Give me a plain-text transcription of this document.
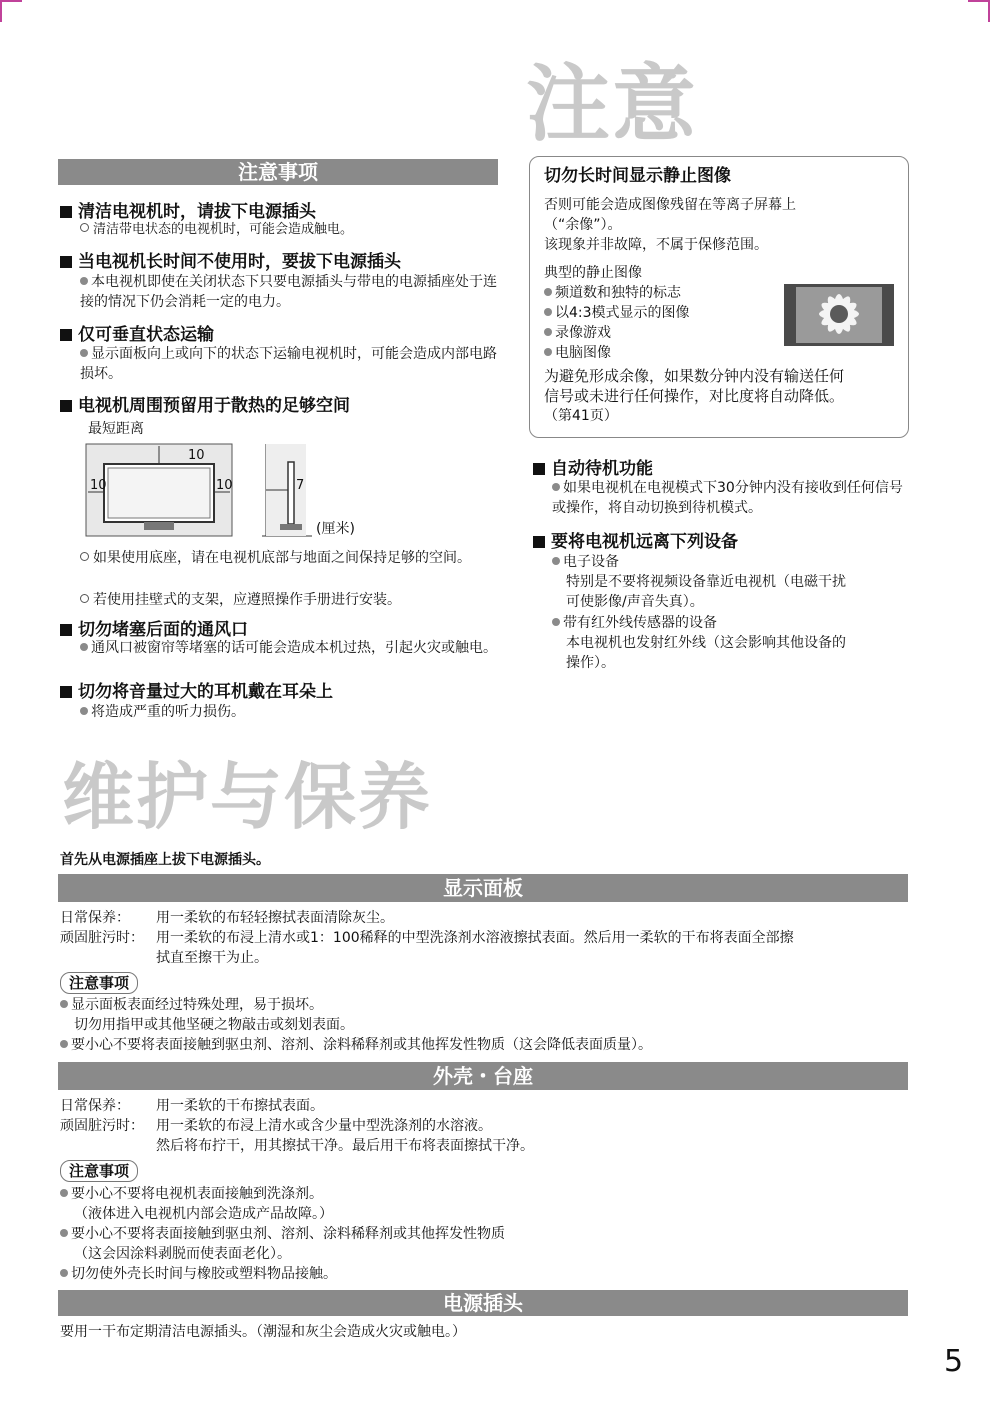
注意
注意事项
清洁电视机时，请拔下电源插头
清洁带电状态的电视机时，可能会造成触电。
当电视机长时间不使用时，要拔下电源插头
本电视机即使在关闭状态下只要电源插头与带电的电源插座处于连接的情况下仍会消耗一定的电力。
仅可垂直状态运输
显示面板向上或向下的状态下运输电视机时，可能会造成内部电路损坏。
电视机周围预留用于散热的足够空间
最短距离
10
10	10	7
(厘米)
如果使用底座，请在电视机底部与地面之间保持足够的空间。
若使用挂壁式的支架，应遵照操作手册进行安装。
切勿堵塞后面的通风口
通风口被窗帘等堵塞的话可能会造成本机过热，引起火灾或触电。
切勿将音量过大的耳机戴在耳朵上
将造成严重的听力损伤。
切勿长时间显示静止图像
否则可能会造成图像残留在等离子屏幕上
（“余像”）。
该现象并非故障，不属于保修范围。
典型的静止图像
频道数和独特的标志
以4:3模式显示的图像
录像游戏
电脑图像
为避免形成余像，如果数分钟内没有输送任何
信号或未进行任何操作，对比度将自动降低。
（第41页）
自动待机功能
如果电视机在电视模式下30分钟内没有接收到任何信号或操作，将自动切换到待机模式。
要将电视机远离下列设备
电子设备
特别是不要将视频设备靠近电视机（电磁干扰
可使影像/声音失真）。
带有红外线传感器的设备
本电视机也发射红外线（这会影响其他设备的
操作）。
维护与保养
首先从电源插座上拔下电源插头。
显示面板
日常保养： 用一柔软的布轻轻擦拭表面清除灰尘。
顽固脏污时： 用一柔软的布浸上清水或1：100稀释的中型洗涤剂水溶液擦拭表面。然后用一柔软的干布将表面全部擦
拭直至擦干为止。
注意事项
显示面板表面经过特殊处理，易于损坏。
切勿用指甲或其他坚硬之物敲击或刻划表面。
要小心不要将表面接触到驱虫剂、溶剂、涂料稀释剂或其他挥发性物质（这会降低表面质量）。
外壳・台座
日常保养： 用一柔软的干布擦拭表面。
顽固脏污时： 用一柔软的布浸上清水或含少量中型洗涤剂的水溶液。
然后将布拧干，用其擦拭干净。最后用干布将表面擦拭干净。
注意事项
要小心不要将电视机表面接触到洗涤剂。
（液体进入电视机内部会造成产品故障。）
要小心不要将表面接触到驱虫剂、溶剂、涂料稀释剂或其他挥发性物质
（这会因涂料剥脱而使表面老化）。
切勿使外壳长时间与橡胶或塑料物品接触。
电源插头
要用一干布定期清洁电源插头。（潮湿和灰尘会造成火灾或触电。）
5
